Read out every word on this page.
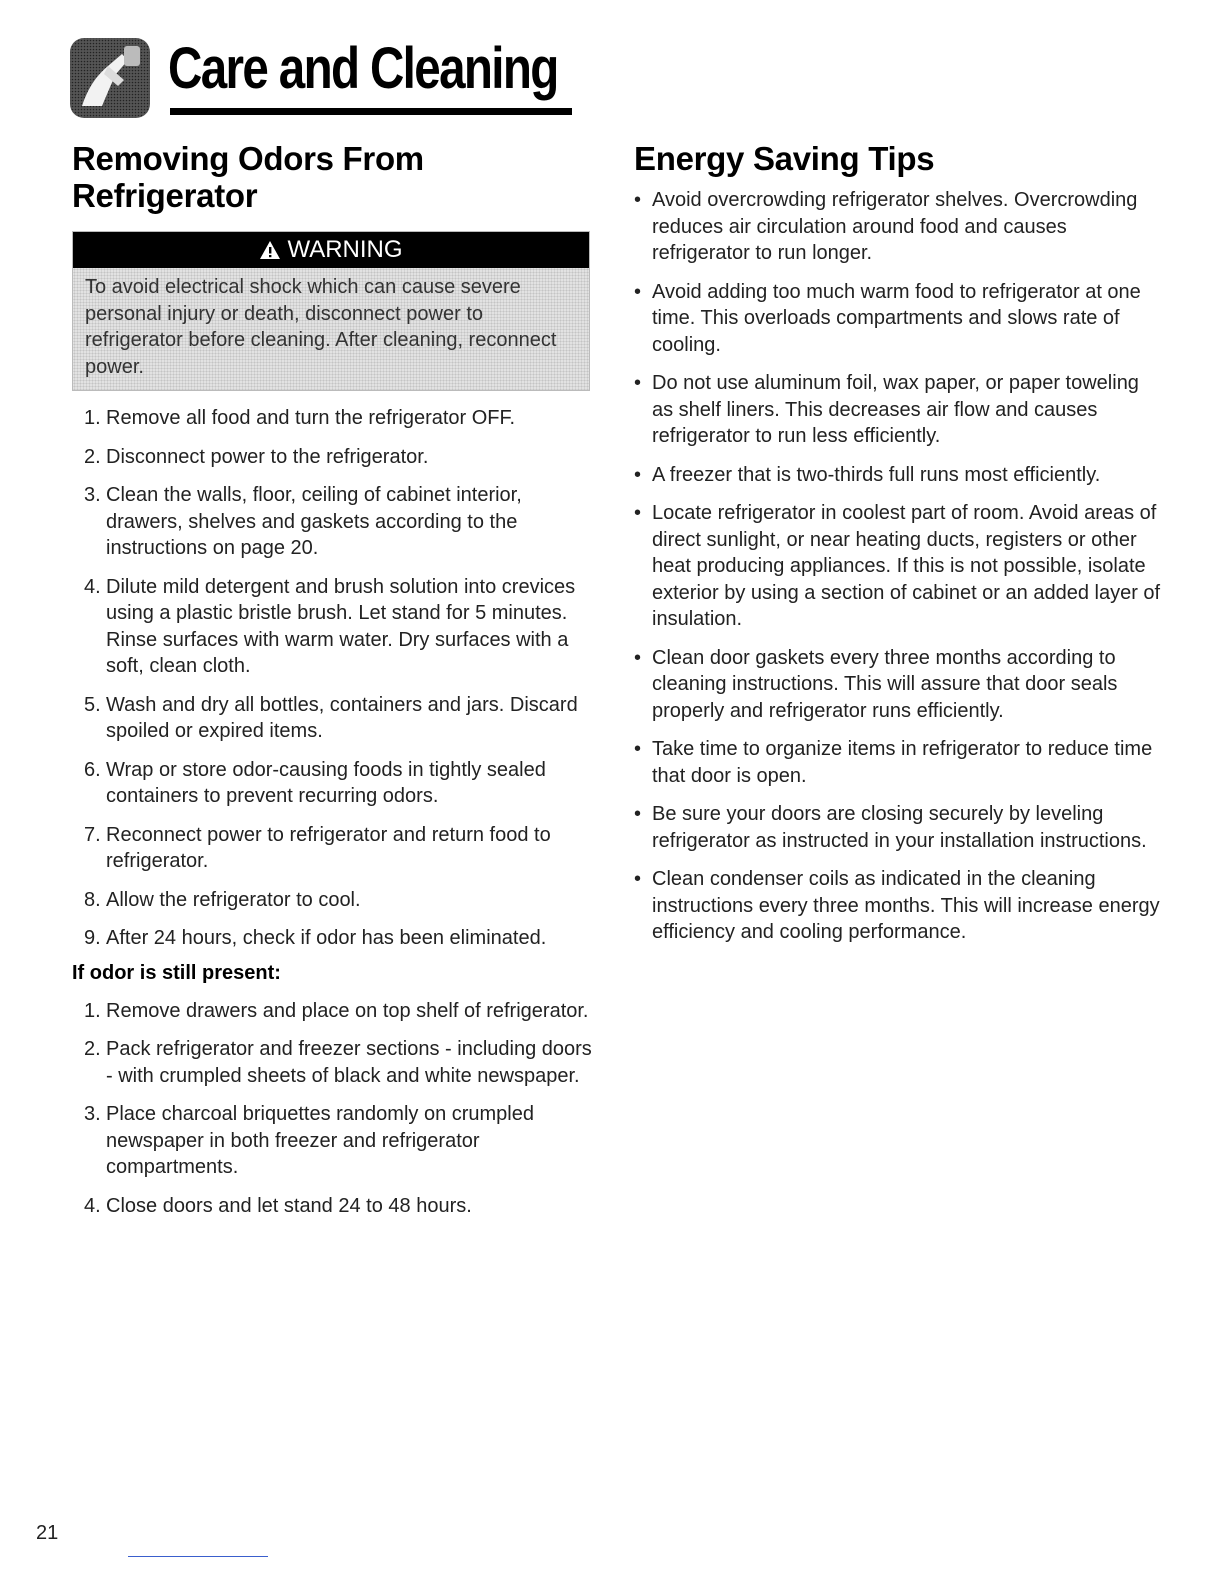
Care and Cleaning
Removing Odors From
Refrigerator
WARNING
To avoid electrical shock which can cause severe personal injury or death, disconnect power to refrigerator before cleaning. After cleaning, reconnect power.
1. Remove all food and turn the refrigerator OFF.
2. Disconnect power to the refrigerator.
3. Clean the walls, floor, ceiling of cabinet interior, drawers, shelves and gaskets according to the instructions on page 20.
4. Dilute mild detergent and brush solution into crevices using a plastic bristle brush. Let stand for 5 minutes. Rinse surfaces with warm water. Dry surfaces with a soft, clean cloth.
5. Wash and dry all bottles, containers and jars. Discard spoiled or expired items.
6. Wrap or store odor-causing foods in tightly sealed containers to prevent recurring odors.
7. Reconnect power to refrigerator and return food to refrigerator.
8. Allow the refrigerator to cool.
9. After 24 hours, check if odor has been eliminated.
If odor is still present:
1. Remove drawers and place on top shelf of refrigerator.
2. Pack refrigerator and freezer sections - including doors - with crumpled sheets of black and white newspaper.
3. Place charcoal briquettes randomly on crumpled newspaper in both freezer and refrigerator compartments.
4. Close doors and let stand 24 to 48 hours.
Energy Saving Tips
• Avoid overcrowding refrigerator shelves. Overcrowding reduces air circulation around food and causes refrigerator to run longer.
• Avoid adding too much warm food to refrigerator at one time. This overloads compartments and slows rate of cooling.
• Do not use aluminum foil, wax paper, or paper toweling as shelf liners. This decreases air flow and causes refrigerator to run less efficiently.
• A freezer that is two-thirds full runs most efficiently.
• Locate refrigerator in coolest part of room. Avoid areas of direct sunlight, or near heating ducts, registers or other heat producing appliances. If this is not possible, isolate exterior by using a section of cabinet or an added layer of insulation.
• Clean door gaskets every three months according to cleaning instructions. This will assure that door seals properly and refrigerator runs efficiently.
• Take time to organize items in refrigerator to reduce time that door is open.
• Be sure your doors are closing securely by leveling refrigerator as instructed in your installation instructions.
• Clean condenser coils as indicated in the cleaning instructions every three months. This will increase energy efficiency and cooling performance.
21
